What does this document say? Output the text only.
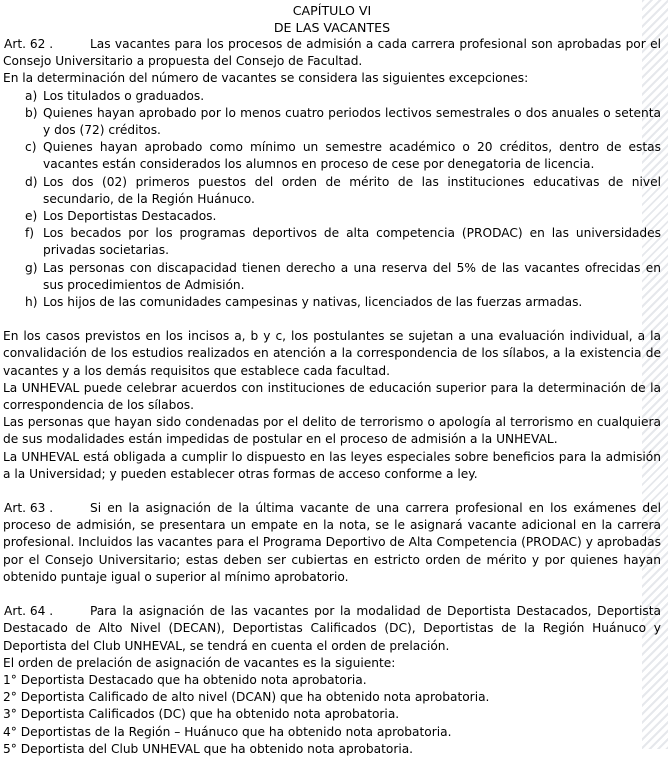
CAPÍTULO VI
DE LAS VACANTES

Art. 62 .	Las vacantes para los procesos de admisión a cada carrera profesional son aprobadas por el Consejo Universitario a propuesta del Consejo de Facultad.

En la determinación del número de vacantes se considera las siguientes excepciones:

a) Los titulados o graduados.
b) Quienes hayan aprobado por lo menos cuatro periodos lectivos semestrales o dos anuales o setenta y dos (72) créditos.
c) Quienes hayan aprobado como mínimo un semestre académico o 20 créditos, dentro de estas vacantes están considerados los alumnos en proceso de cese por denegatoria de licencia.
d) Los dos (02) primeros puestos del orden de mérito de las instituciones educativas de nivel secundario, de la Región Huánuco.
e) Los Deportistas Destacados.
f) Los becados por los programas deportivos de alta competencia (PRODAC) en las universidades privadas societarias.
g) Las personas con discapacidad tienen derecho a una reserva del 5% de las vacantes ofrecidas en sus procedimientos de Admisión.
h) Los hijos de las comunidades campesinas y nativas, licenciados de las fuerzas armadas.

En los casos previstos en los incisos a, b y c, los postulantes se sujetan a una evaluación individual, a la convalidación de los estudios realizados en atención a la correspondencia de los sílabos, a la existencia de vacantes y a los demás requisitos que establece cada facultad.

La UNHEVAL puede celebrar acuerdos con instituciones de educación superior para la determinación de la correspondencia de los sílabos.

Las personas que hayan sido condenadas por el delito de terrorismo o apología al terrorismo en cualquiera de sus modalidades están impedidas de postular en el proceso de admisión a la UNHEVAL.

La UNHEVAL está obligada a cumplir lo dispuesto en las leyes especiales sobre beneficios para la admisión a la Universidad; y pueden establecer otras formas de acceso conforme a ley.

Art. 63 .	Si en la asignación de la última vacante de una carrera profesional en los exámenes del proceso de admisión, se presentara un empate en la nota, se le asignará vacante adicional en la carrera profesional. Incluidos las vacantes para el Programa Deportivo de Alta Competencia (PRODAC) y aprobadas por el Consejo Universitario; estas deben ser cubiertas en estricto orden de mérito y por quienes hayan obtenido puntaje igual o superior al mínimo aprobatorio.

Art. 64 .	Para la asignación de las vacantes por la modalidad de Deportista Destacados, Deportista Destacado de Alto Nivel (DECAN), Deportistas Calificados (DC), Deportistas de la Región Huánuco y Deportista del Club UNHEVAL, se tendrá en cuenta el orden de prelación.

El orden de prelación de asignación de vacantes es la siguiente:

1° Deportista Destacado que ha obtenido nota aprobatoria.

2° Deportista Calificado de alto nivel (DCAN) que ha obtenido nota aprobatoria.

3° Deportista Calificados (DC) que ha obtenido nota aprobatoria.

4° Deportistas de la Región – Huánuco que ha obtenido nota aprobatoria.

5° Deportista del Club UNHEVAL que ha obtenido nota aprobatoria.
